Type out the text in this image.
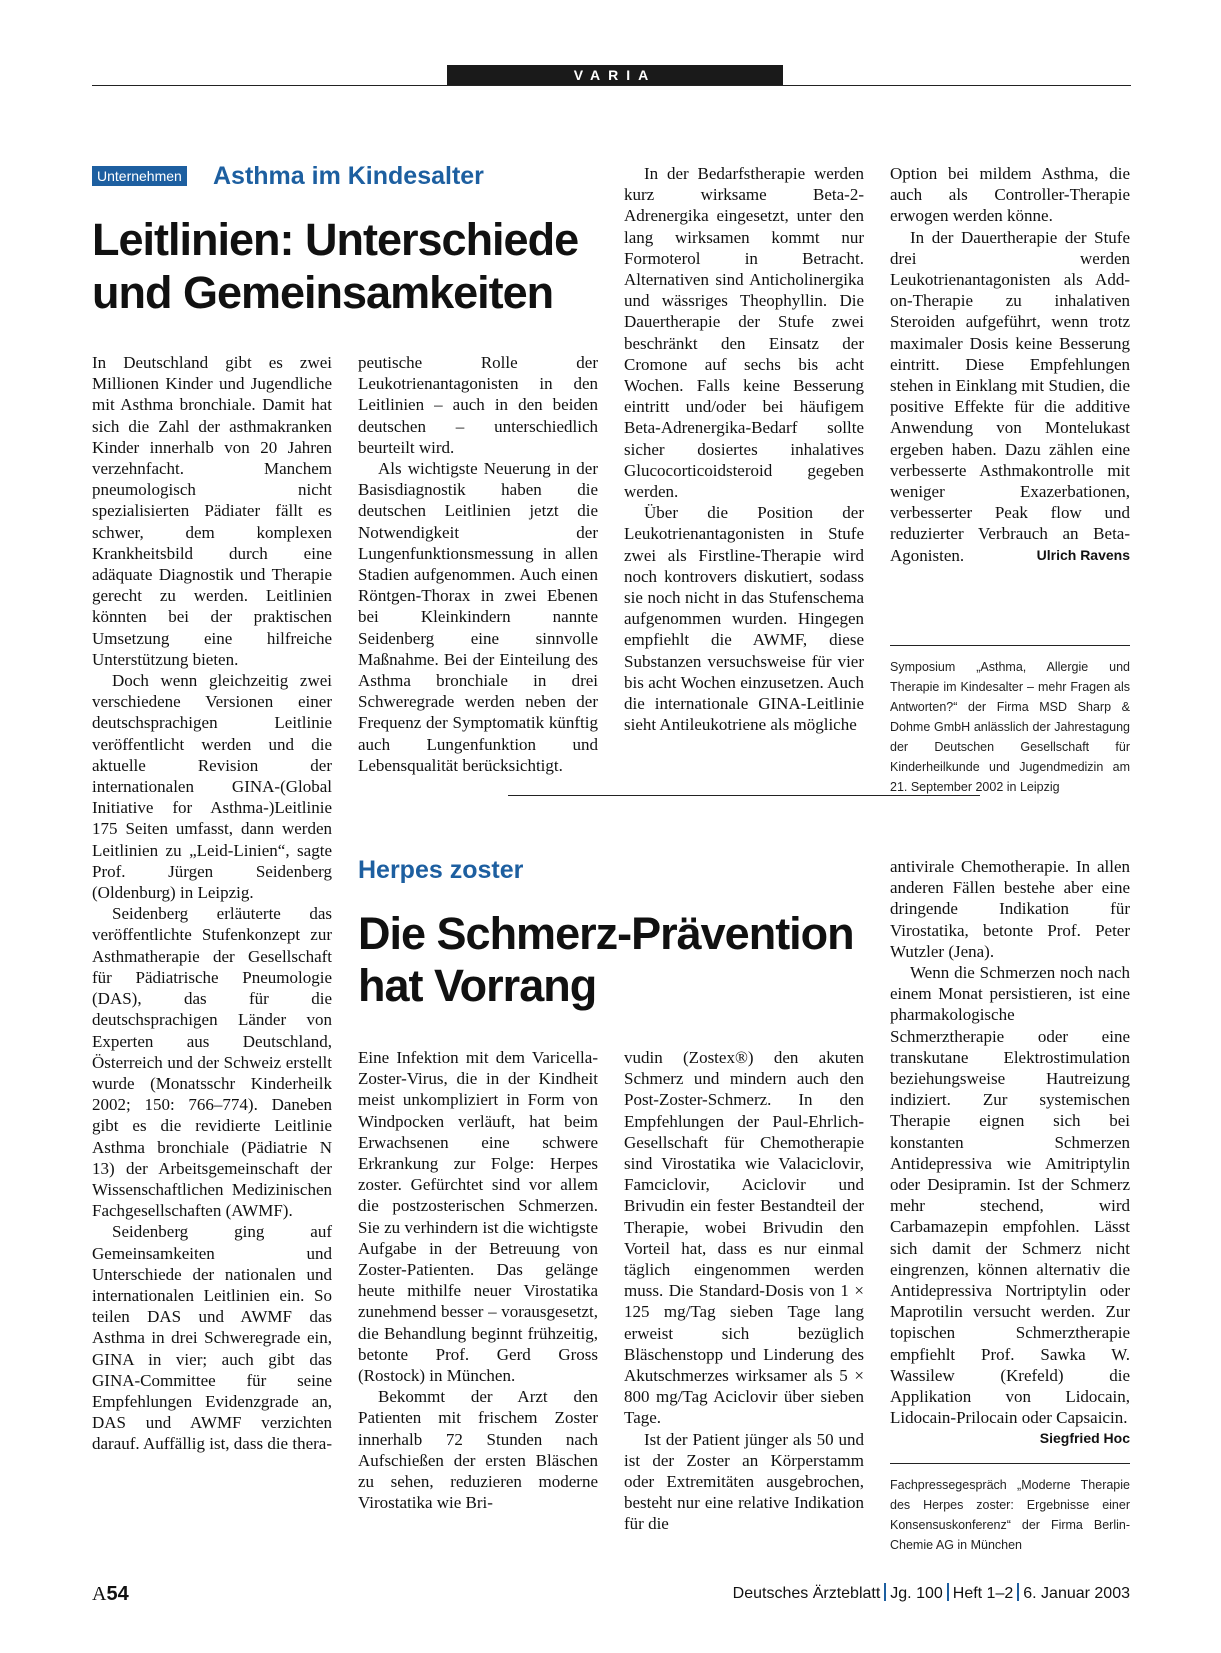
VARIA
Unternehmen Asthma im Kindesalter
Leitlinien: Unterschiede
und Gemeinsamkeiten

In Deutschland gibt es zwei Millionen Kinder und Jugendliche mit Asthma bronchiale. Damit hat sich die Zahl der asthmakranken Kinder innerhalb von 20 Jahren verzehnfacht. Manchem pneumologisch nicht spezialisierten Pädiater fällt es schwer, dem komplexen Krankheitsbild durch eine adäquate Diagnostik und Therapie gerecht zu werden. Leitlinien könnten bei der praktischen Umsetzung eine hilfreiche Unterstützung bieten.

Doch wenn gleichzeitig zwei verschiedene Versionen einer deutschsprachigen Leitlinie veröffentlicht werden und die aktuelle Revision der internationalen GINA-(Global Initiative for Asthma-)Leitlinie 175 Seiten umfasst, dann werden Leitlinien zu „Leid-Linien“, sagte Prof. Jürgen Seidenberg (Oldenburg) in Leipzig.

Seidenberg erläuterte das veröffentlichte Stufenkonzept zur Asthmatherapie der Gesellschaft für Pädiatrische Pneumologie (DAS), das für die deutschsprachigen Länder von Experten aus Deutschland, Österreich und der Schweiz erstellt wurde (Monatsschr Kinderheilk 2002; 150: 766–774). Daneben gibt es die revidierte Leitlinie Asthma bronchiale (Pädiatrie N 13) der Arbeitsgemeinschaft der Wissenschaftlichen Medizinischen Fachgesellschaften (AWMF).

Seidenberg ging auf Gemeinsamkeiten und Unterschiede der nationalen und internationalen Leitlinien ein. So teilen DAS und AWMF das Asthma in drei Schweregrade ein, GINA in vier; auch gibt das GINA-Committee für seine Empfehlungen Evidenzgrade an, DAS und AWMF verzichten darauf. Auffällig ist, dass die thera-

peutische Rolle der Leukotrienantagonisten in den Leitlinien – auch in den beiden deutschen – unterschiedlich beurteilt wird.

Als wichtigste Neuerung in der Basisdiagnostik haben die deutschen Leitlinien jetzt die Notwendigkeit der Lungenfunktionsmessung in allen Stadien aufgenommen. Auch einen Röntgen-Thorax in zwei Ebenen bei Kleinkindern nannte Seidenberg eine sinnvolle Maßnahme. Bei der Einteilung des Asthma bronchiale in drei Schweregrade werden neben der Frequenz der Symptomatik künftig auch Lungenfunktion und Lebensqualität berücksichtigt.

In der Bedarfstherapie werden kurz wirksame Beta-2-Adrenergika eingesetzt, unter den lang wirksamen kommt nur Formoterol in Betracht. Alternativen sind Anticholinergika und wässriges Theophyllin. Die Dauertherapie der Stufe zwei beschränkt den Einsatz der Cromone auf sechs bis acht Wochen. Falls keine Besserung eintritt und/oder bei häufigem Beta-Adrenergika-Bedarf sollte sicher dosiertes inhalatives Glucocorticoidsteroid gegeben werden.

Über die Position der Leukotrienantagonisten in Stufe zwei als Firstline-Therapie wird noch kontrovers diskutiert, sodass sie noch nicht in das Stufenschema aufgenommen wurden. Hingegen empfiehlt die AWMF, diese Substanzen versuchsweise für vier bis acht Wochen einzusetzen. Auch die internationale GINA-Leitlinie sieht Antileukotriene als mögliche

Option bei mildem Asthma, die auch als Controller-Therapie erwogen werden könne.

In der Dauertherapie der Stufe drei werden Leukotrienantagonisten als Add-on-Therapie zu inhalativen Steroiden aufgeführt, wenn trotz maximaler Dosis keine Besserung eintritt. Diese Empfehlungen stehen in Einklang mit Studien, die positive Effekte für die additive Anwendung von Montelukast ergeben haben. Dazu zählen eine verbesserte Asthmakontrolle mit weniger Exazerbationen, verbesserter Peak flow und reduzierter Verbrauch an Beta-Agonisten.	Ulrich Ravens

Symposium „Asthma, Allergie und Therapie im Kindesalter – mehr Fragen als Antworten?“ der Firma MSD Sharp & Dohme GmbH anlässlich der Jahrestagung der Deutschen Gesellschaft für Kinderheilkunde und Jugendmedizin am 21. September 2002 in Leipzig
Herpes zoster
Die Schmerz-Prävention
hat Vorrang

Eine Infektion mit dem Varicella-Zoster-Virus, die in der Kindheit meist unkompliziert in Form von Windpocken verläuft, hat beim Erwachsenen eine schwere Erkrankung zur Folge: Herpes zoster. Gefürchtet sind vor allem die postzosterischen Schmerzen. Sie zu verhindern ist die wichtigste Aufgabe in der Betreuung von Zoster-Patienten. Das gelänge heute mithilfe neuer Virostatika zunehmend besser – vorausgesetzt, die Behandlung beginnt frühzeitig, betonte Prof. Gerd Gross (Rostock) in München.

Bekommt der Arzt den Patienten mit frischem Zoster innerhalb 72 Stunden nach Aufschießen der ersten Bläschen zu sehen, reduzieren moderne Virostatika wie Bri-

vudin (Zostex®) den akuten Schmerz und mindern auch den Post-Zoster-Schmerz. In den Empfehlungen der Paul-Ehrlich-Gesellschaft für Chemotherapie sind Virostatika wie Valaciclovir, Famciclovir, Aciclovir und Brivudin ein fester Bestandteil der Therapie, wobei Brivudin den Vorteil hat, dass es nur einmal täglich eingenommen werden muss. Die Standard-Dosis von 1 × 125 mg/Tag sieben Tage lang erweist sich bezüglich Bläschenstopp und Linderung des Akutschmerzes wirksamer als 5 × 800 mg/Tag Aciclovir über sieben Tage.

Ist der Patient jünger als 50 und ist der Zoster an Körperstamm oder Extremitäten ausgebrochen, besteht nur eine relative Indikation für die

antivirale Chemotherapie. In allen anderen Fällen bestehe aber eine dringende Indikation für Virostatika, betonte Prof. Peter Wutzler (Jena).

Wenn die Schmerzen noch nach einem Monat persistieren, ist eine pharmakologische Schmerztherapie oder eine transkutane Elektrostimulation beziehungsweise Hautreizung indiziert. Zur systemischen Therapie eignen sich bei konstanten Schmerzen Antidepressiva wie Amitriptylin oder Desipramin. Ist der Schmerz mehr stechend, wird Carbamazepin empfohlen. Lässt sich damit der Schmerz nicht eingrenzen, können alternativ die Antidepressiva Nortriptylin oder Maprotilin versucht werden. Zur topischen Schmerztherapie empfiehlt Prof. Sawka W. Wassilew (Krefeld) die Applikation von Lidocain, Lidocain-Prilocain oder Capsaicin.
Siegfried Hoc

Fachpressegespräch „Moderne Therapie des Herpes zoster: Ergebnisse einer Konsensuskonferenz“ der Firma Berlin-Chemie AG in München
A54	Deutsches Ärzteblatt Jg. 100 Heft 1–2 6. Januar 2003
